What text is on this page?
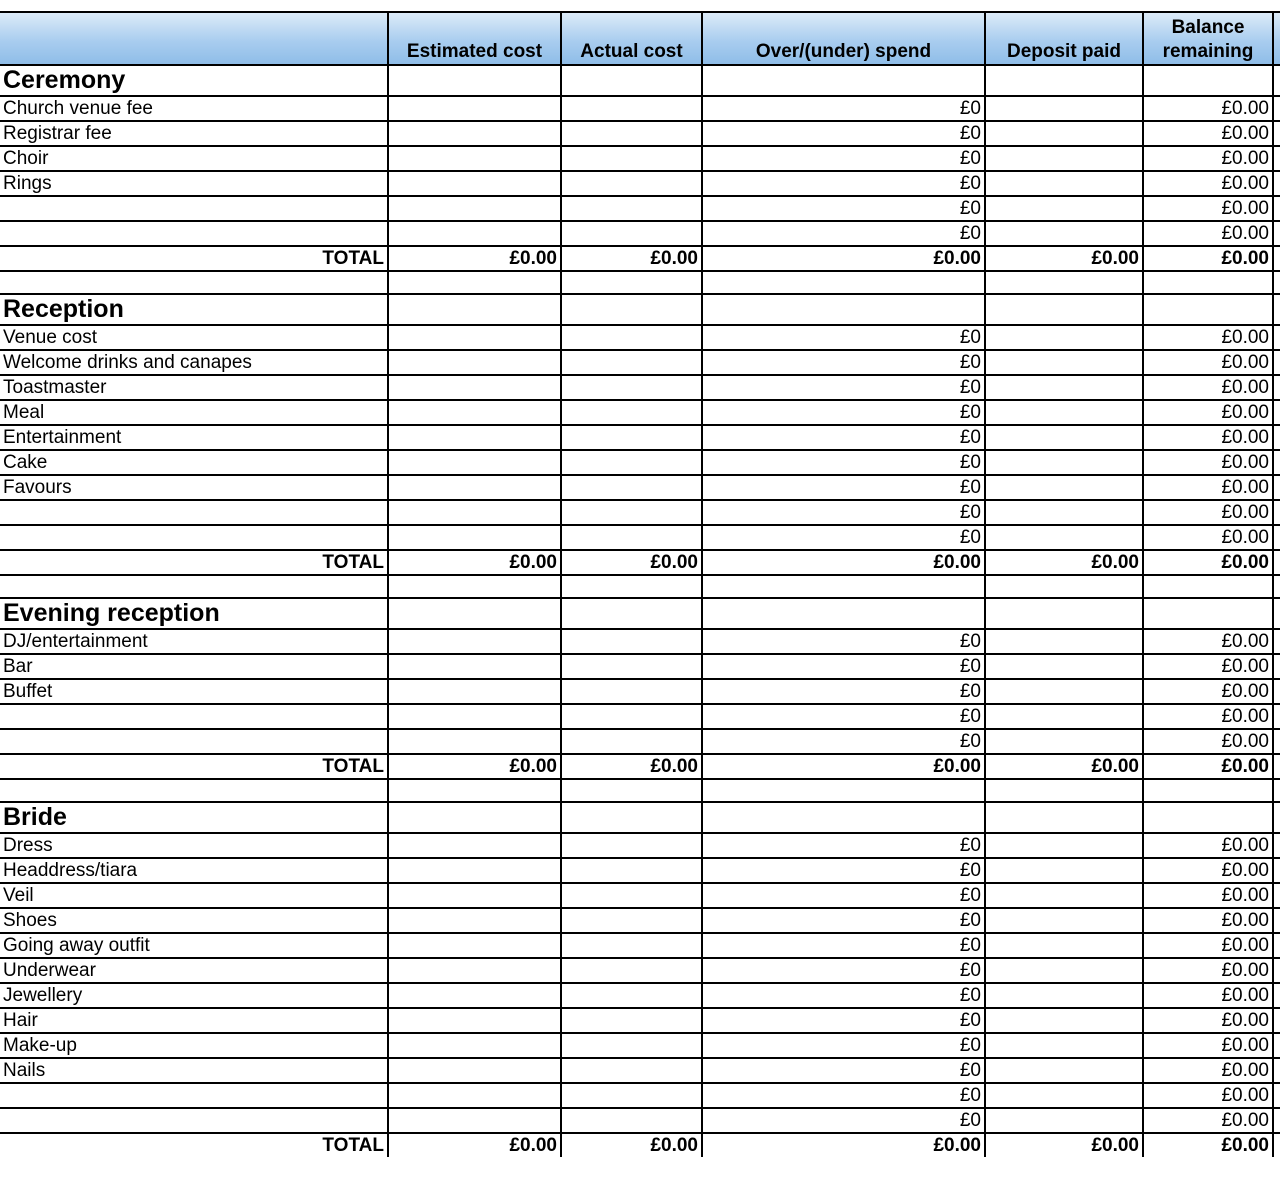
	Estimated cost	Actual cost	Over/(under) spend	Deposit paid	Balance remaining	
Ceremony						
Church venue fee			£0		£0.00	
Registrar fee			£0		£0.00	
Choir			£0		£0.00	
Rings			£0		£0.00	
			£0		£0.00	
			£0		£0.00	
TOTAL	£0.00	£0.00	£0.00	£0.00	£0.00	

Reception						
Venue cost			£0		£0.00	
Welcome drinks and canapes			£0		£0.00	
Toastmaster			£0		£0.00	
Meal			£0		£0.00	
Entertainment			£0		£0.00	
Cake			£0		£0.00	
Favours			£0		£0.00	
			£0		£0.00	
			£0		£0.00	
TOTAL	£0.00	£0.00	£0.00	£0.00	£0.00	

Evening reception						
DJ/entertainment			£0		£0.00	
Bar			£0		£0.00	
Buffet			£0		£0.00	
			£0		£0.00	
			£0		£0.00	
TOTAL	£0.00	£0.00	£0.00	£0.00	£0.00	

Bride						
Dress			£0		£0.00	
Headdress/tiara			£0		£0.00	
Veil			£0		£0.00	
Shoes			£0		£0.00	
Going away outfit			£0		£0.00	
Underwear			£0		£0.00	
Jewellery			£0		£0.00	
Hair			£0		£0.00	
Make-up			£0		£0.00	
Nails			£0		£0.00	
			£0		£0.00	
			£0		£0.00	
TOTAL	£0.00	£0.00	£0.00	£0.00	£0.00	
